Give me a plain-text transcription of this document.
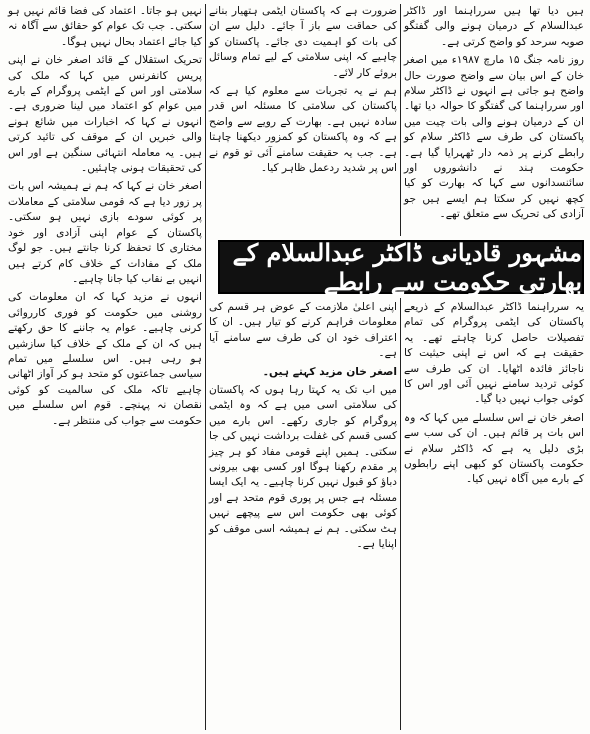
ہیں دیا تھا ہیں سرراہنما اور ڈاکٹر عبدالسلام کے درمیان ہونے والی گفتگو صوبہ سرحد کو واضح کرتی ہے۔

روز نامہ جنگ ۱۵ مارچ ۱۹۸۷ء میں اصغر خان کے اس بیان سے واضح صورت حال واضح ہو جاتی ہے انہوں نے ڈاکٹر سلام اور سرراہنما کی گفتگو کا حوالہ دیا تھا۔ ان کے درمیان ہونے والی بات چیت میں پاکستان کی طرف سے ڈاکٹر سلام کو رابطے کرنے پر ذمہ دار ٹھہرایا گیا ہے۔ حکومت ہند نے دانشوروں اور سائنسدانوں سے کہا کہ بھارت کو کیا کچھ نہیں کر سکتا ہم ایسے ہیں جو آزادی کی تحریک سے متعلق تھے۔

ضرورت ہے کہ پاکستان ایٹمی ہتھیار بنانے کی حماقت سے باز آ جائے۔ دلیل سے ان کی بات کو اہمیت دی جائے۔ پاکستان کو چاہیے کہ اپنی سلامتی کے لیے تمام وسائل بروئے کار لائے۔

ہم نے یہ تجربات سے معلوم کیا ہے کہ پاکستان کی سلامتی کا مسئلہ اس قدر سادہ نہیں ہے۔ بھارت کے رویے سے واضح ہے کہ وہ پاکستان کو کمزور دیکھنا چاہتا ہے۔ جب یہ حقیقت سامنے آئی تو قوم نے اس پر شدید ردعمل ظاہر کیا۔

مشہور قادیانی ڈاکٹر عبدالسلام کے بھارتی حکومت سے رابطے

یہ سرراہنما ڈاکٹر عبدالسلام کے ذریعے پاکستان کی ایٹمی پروگرام کی تمام تفصیلات حاصل کرنا چاہتے تھے۔ یہ حقیقت ہے کہ اس نے اپنی حیثیت کا ناجائز فائدہ اٹھایا۔ ان کی طرف سے کوئی تردید سامنے نہیں آئی اور اس کا کوئی جواب نہیں دیا گیا۔

اصغر خان نے اس سلسلے میں کہا کہ وہ اس بات پر قائم ہیں۔ ان کی سب سے بڑی دلیل یہ ہے کہ ڈاکٹر سلام نے حکومت پاکستان کو کبھی اپنے رابطوں کے بارے میں آگاہ نہیں کیا۔

اپنی اعلیٰ ملازمت کے عوض ہر قسم کی معلومات فراہم کرنے کو تیار ہیں۔ ان کا اعتراف خود ان کی طرف سے سامنے آیا ہے۔

اصغر خان مزید کہتے ہیں۔

میں اب تک یہ کہتا رہا ہوں کہ پاکستان کی سلامتی اسی میں ہے کہ وہ ایٹمی پروگرام کو جاری رکھے۔ اس بارے میں کسی قسم کی غفلت برداشت نہیں کی جا سکتی۔ ہمیں اپنے قومی مفاد کو ہر چیز پر مقدم رکھنا ہوگا اور کسی بھی بیرونی دباؤ کو قبول نہیں کرنا چاہیے۔ یہ ایک ایسا مسئلہ ہے جس پر پوری قوم متحد ہے اور کوئی بھی حکومت اس سے پیچھے نہیں ہٹ سکتی۔ ہم نے ہمیشہ اسی موقف کو اپنایا ہے۔

نہیں ہو جاتا۔ اعتماد کی فضا قائم نہیں ہو سکتی۔ جب تک عوام کو حقائق سے آگاہ نہ کیا جائے اعتماد بحال نہیں ہوگا۔

تحریک استقلال کے قائد اصغر خان نے اپنی پریس کانفرنس میں کہا کہ ملک کی سلامتی اور اس کے ایٹمی پروگرام کے بارے میں عوام کو اعتماد میں لینا ضروری ہے۔ انہوں نے کہا کہ اخبارات میں شائع ہونے والی خبریں ان کے موقف کی تائید کرتی ہیں۔ یہ معاملہ انتہائی سنگین ہے اور اس کی تحقیقات ہونی چاہئیں۔

اصغر خان نے کہا کہ ہم نے ہمیشہ اس بات پر زور دیا ہے کہ قومی سلامتی کے معاملات پر کوئی سودے بازی نہیں ہو سکتی۔ پاکستان کے عوام اپنی آزادی اور خود مختاری کا تحفظ کرنا جانتے ہیں۔ جو لوگ ملک کے مفادات کے خلاف کام کرتے ہیں انہیں بے نقاب کیا جانا چاہیے۔

انہوں نے مزید کہا کہ ان معلومات کی روشنی میں حکومت کو فوری کارروائی کرنی چاہیے۔ عوام یہ جاننے کا حق رکھتے ہیں کہ ان کے ملک کے خلاف کیا سازشیں ہو رہی ہیں۔ اس سلسلے میں تمام سیاسی جماعتوں کو متحد ہو کر آواز اٹھانی چاہیے تاکہ ملک کی سالمیت کو کوئی نقصان نہ پہنچے۔ قوم اس سلسلے میں حکومت سے جواب کی منتظر ہے۔
